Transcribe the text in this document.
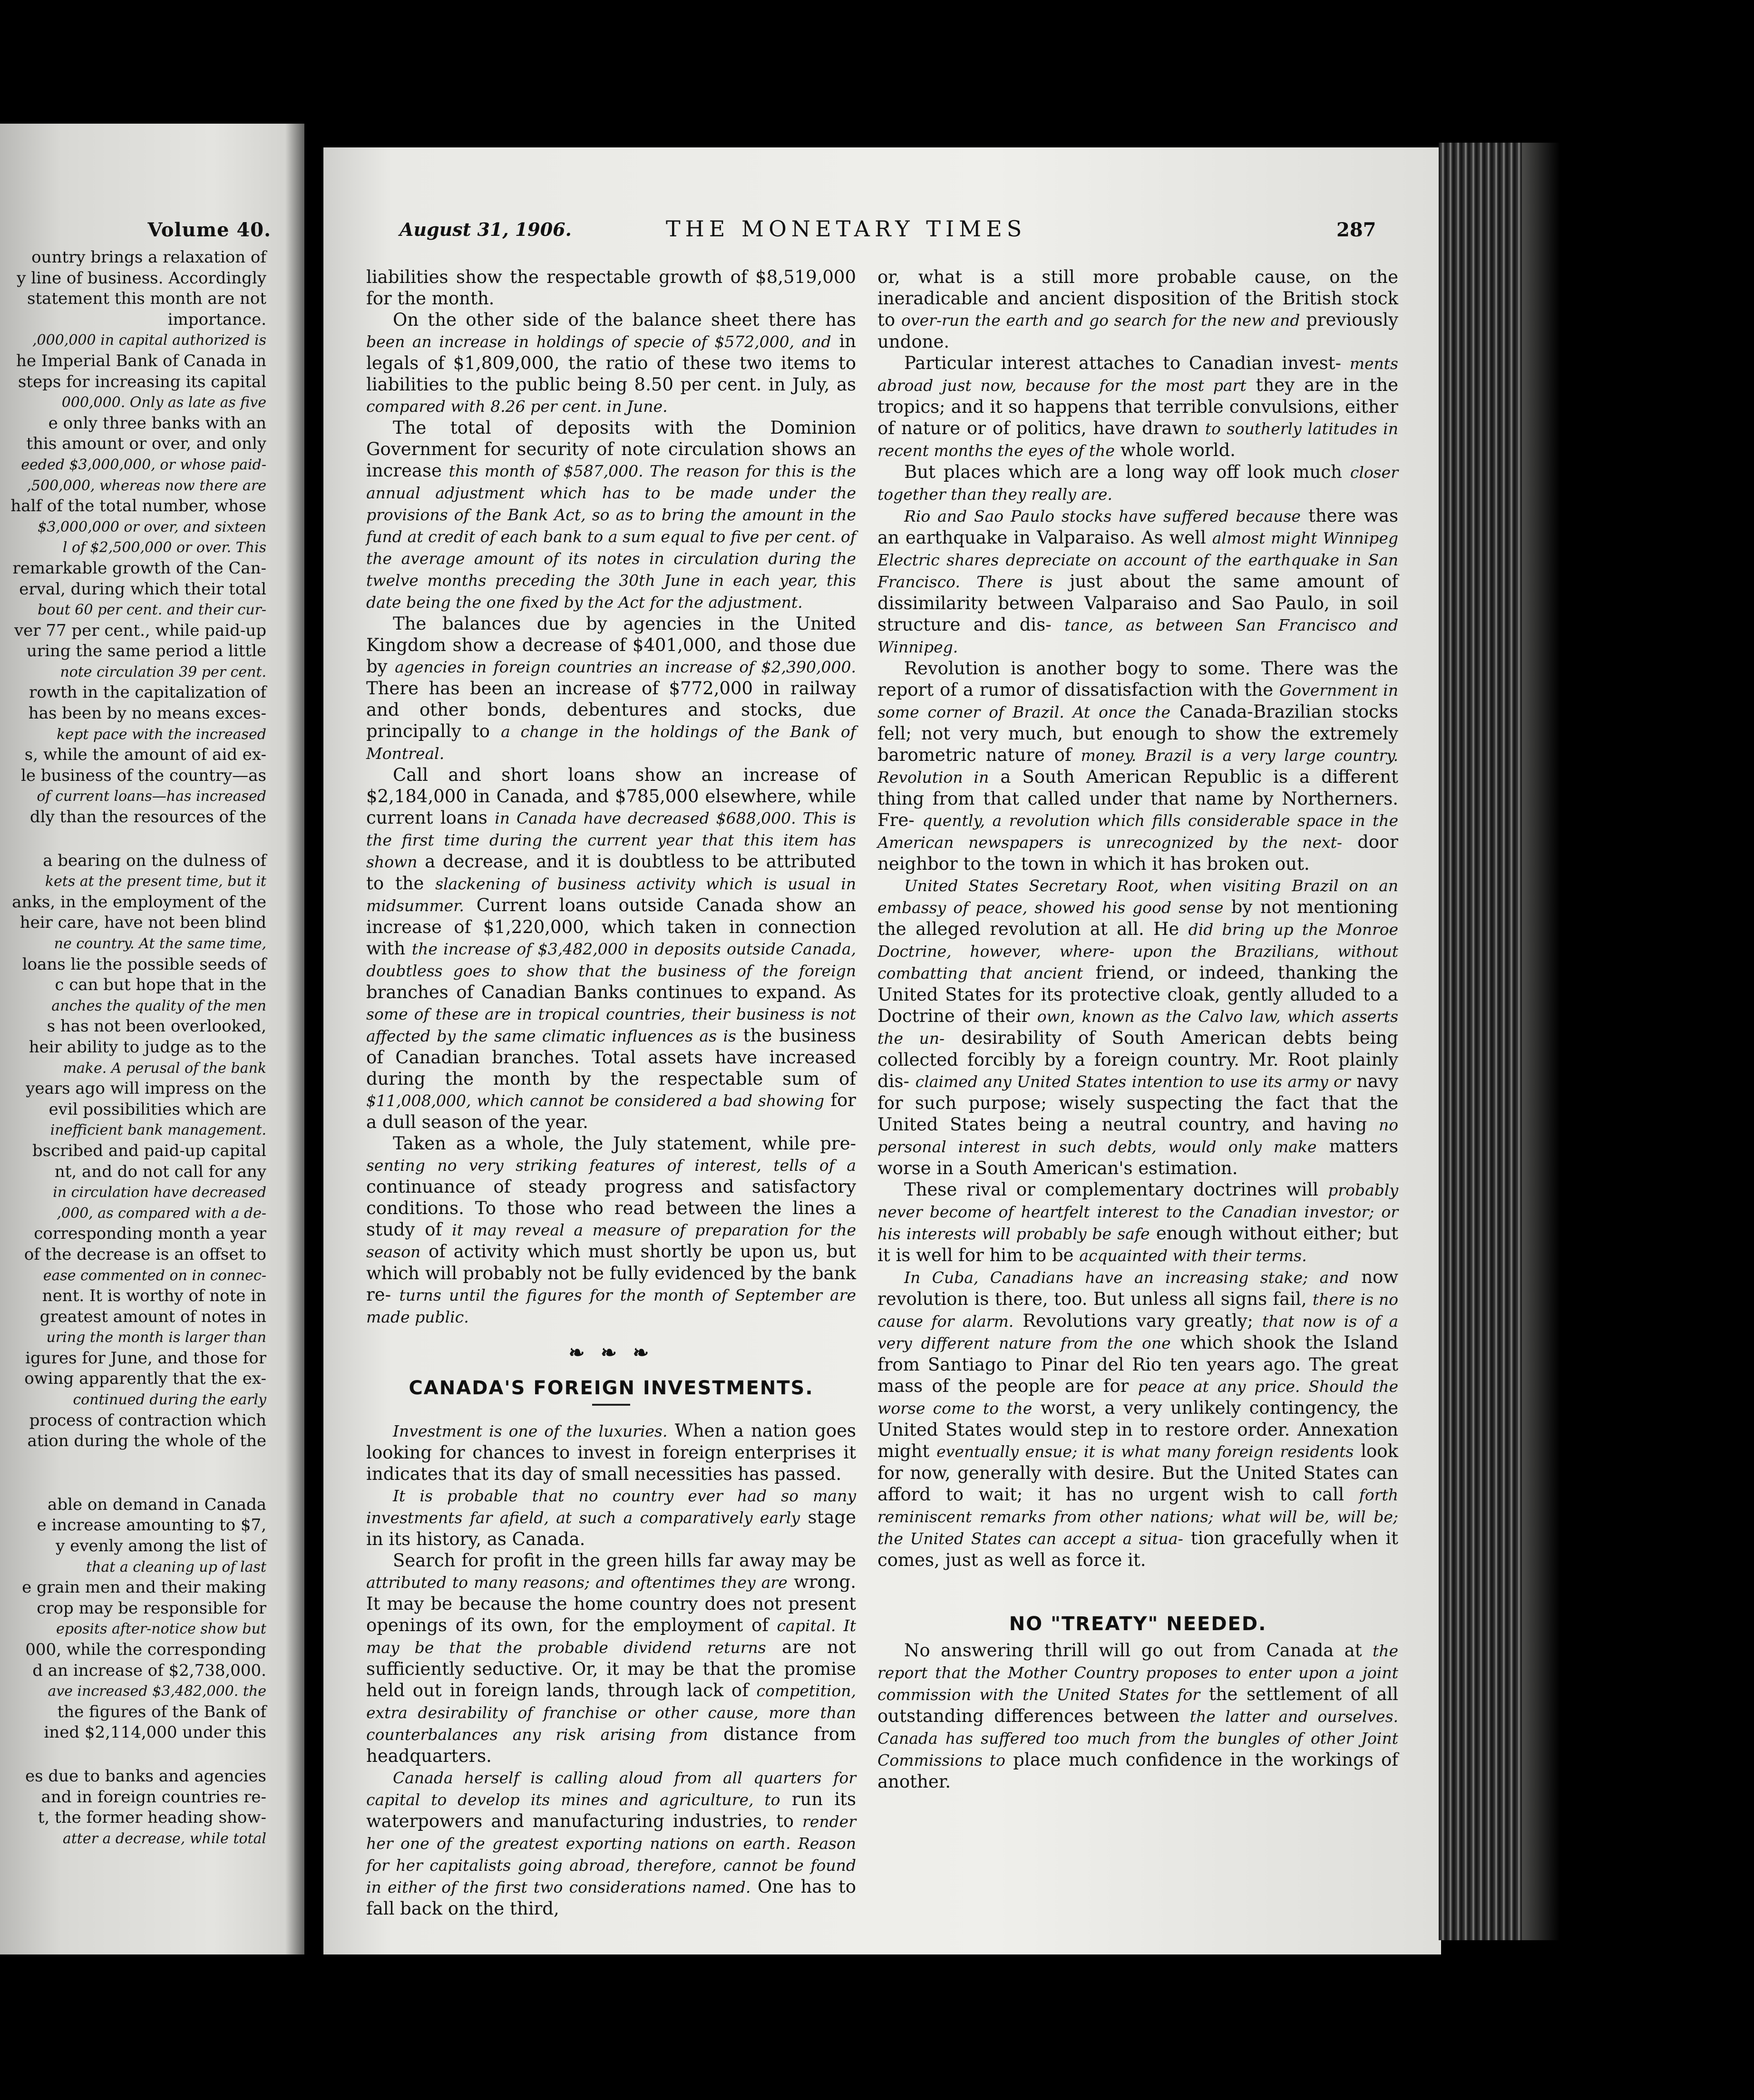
Volume 40.

ountry brings a relaxation of

y line of business. Accordingly

statement this month are not

importance.

,000,000 in capital authorized is

he Imperial Bank of Canada in

steps for increasing its capital

000,000. Only as late as five

e only three banks with an

this amount or over, and only

eeded $3,000,000, or whose paid-

,500,000, whereas now there are

half of the total number, whose

$3,000,000 or over, and sixteen

l of $2,500,000 or over. This

remarkable growth of the Can-

erval, during which their total

bout 60 per cent. and their cur-

ver 77 per cent., while paid-up

uring the same period a little

note circulation 39 per cent.

rowth in the capitalization of

has been by no means exces-

kept pace with the increased

s, while the amount of aid ex-

le business of the country—as

of current loans—has increased

dly than the resources of the

a bearing on the dulness of

kets at the present time, but it

anks, in the employment of the

heir care, have not been blind

ne country. At the same time,

loans lie the possible seeds of

c can but hope that in the

anches the quality of the men

s has not been overlooked,

heir ability to judge as to the

make. A perusal of the bank

years ago will impress on the

evil possibilities which are

inefficient bank management.

bscribed and paid-up capital

nt, and do not call for any

in circulation have decreased

,000, as compared with a de-

corresponding month a year

of the decrease is an offset to

ease commented on in connec-

nent. It is worthy of note in

greatest amount of notes in

uring the month is larger than

igures for June, and those for

owing apparently that the ex-

continued during the early

process of contraction which

ation during the whole of the

able on demand in Canada

e increase amounting to $7,

y evenly among the list of

that a cleaning up of last

e grain men and their making

crop may be responsible for

eposits after-notice show but

000, while the corresponding

d an increase of $2,738,000.

ave increased $3,482,000. the

the figures of the Bank of

ined $2,114,000 under this

es due to banks and agencies

and in foreign countries re-

t, the former heading show-

atter a decrease, while total

August 31, 1906.	THE MONETARY TIMES	287

liabilities show the respectable growth of $8,519,000 for the month.

On the other side of the balance sheet there has been an increase in holdings of specie of $572,000, and in legals of $1,809,000, the ratio of these two items to liabilities to the public being 8.50 per cent. in July, as compared with 8.26 per cent. in June.

The total of deposits with the Dominion Government for security of note circulation shows an increase this month of $587,000. The reason for this is the annual adjustment which has to be made under the provisions of the Bank Act, so as to bring the amount in the fund at credit of each bank to a sum equal to five per cent. of the average amount of its notes in circulation during the twelve months preceding the 30th June in each year, this date being the one fixed by the Act for the adjustment.

The balances due by agencies in the United Kingdom show a decrease of $401,000, and those due by agencies in foreign countries an increase of $2,390,000. There has been an increase of $772,000 in railway and other bonds, debentures and stocks, due principally to a change in the holdings of the Bank of Montreal.

Call and short loans show an increase of $2,184,000 in Canada, and $785,000 elsewhere, while current loans in Canada have decreased $688,000. This is the first time during the current year that this item has shown a decrease, and it is doubtless to be attributed to the slackening of business activity which is usual in midsummer. Current loans outside Canada show an increase of $1,220,000, which taken in connection with the increase of $3,482,000 in deposits outside Canada, doubtless goes to show that the business of the foreign branches of Canadian Banks continues to expand. As some of these are in tropical countries, their business is not affected by the same climatic influences as is the business of Canadian branches. Total assets have increased during the month by the respectable sum of $11,008,000, which cannot be considered a bad showing for a dull season of the year.

Taken as a whole, the July statement, while pre- senting no very striking features of interest, tells of a continuance of steady progress and satisfactory conditions. To those who read between the lines a study of it may reveal a measure of preparation for the season of activity which must shortly be upon us, but which will probably not be fully evidenced by the bank re- turns until the figures for the month of September are made public.

❧ ❧ ❧

CANADA'S FOREIGN INVESTMENTS.

Investment is one of the luxuries. When a nation goes looking for chances to invest in foreign enterprises it indicates that its day of small necessities has passed.

It is probable that no country ever had so many investments far afield, at such a comparatively early stage in its history, as Canada.

Search for profit in the green hills far away may be attributed to many reasons; and oftentimes they are wrong. It may be because the home country does not present openings of its own, for the employment of capital. It may be that the probable dividend returns are not sufficiently seductive. Or, it may be that the promise held out in foreign lands, through lack of competition, extra desirability of franchise or other cause, more than counterbalances any risk arising from distance from headquarters.

Canada herself is calling aloud from all quarters for capital to develop its mines and agriculture, to run its waterpowers and manufacturing industries, to render her one of the greatest exporting nations on earth. Reason for her capitalists going abroad, therefore, cannot be found in either of the first two considerations named. One has to fall back on the third,

or, what is a still more probable cause, on the ineradicable and ancient disposition of the British stock to over-run the earth and go search for the new and previously undone.

Particular interest attaches to Canadian invest- ments abroad just now, because for the most part they are in the tropics; and it so happens that terrible convulsions, either of nature or of politics, have drawn to southerly latitudes in recent months the eyes of the whole world.

But places which are a long way off look much closer together than they really are.

Rio and Sao Paulo stocks have suffered because there was an earthquake in Valparaiso. As well almost might Winnipeg Electric shares depreciate on account of the earthquake in San Francisco. There is just about the same amount of dissimilarity between Valparaiso and Sao Paulo, in soil structure and dis- tance, as between San Francisco and Winnipeg.

Revolution is another bogy to some. There was the report of a rumor of dissatisfaction with the Government in some corner of Brazil. At once the Canada-Brazilian stocks fell; not very much, but enough to show the extremely barometric nature of money. Brazil is a very large country. Revolution in a South American Republic is a different thing from that called under that name by Northerners. Fre- quently, a revolution which fills considerable space in the American newspapers is unrecognized by the next- door neighbor to the town in which it has broken out.

United States Secretary Root, when visiting Brazil on an embassy of peace, showed his good sense by not mentioning the alleged revolution at all. He did bring up the Monroe Doctrine, however, where- upon the Brazilians, without combatting that ancient friend, or indeed, thanking the United States for its protective cloak, gently alluded to a Doctrine of their own, known as the Calvo law, which asserts the un- desirability of South American debts being collected forcibly by a foreign country. Mr. Root plainly dis- claimed any United States intention to use its army or navy for such purpose; wisely suspecting the fact that the United States being a neutral country, and having no personal interest in such debts, would only make matters worse in a South American's estimation.

These rival or complementary doctrines will probably never become of heartfelt interest to the Canadian investor; or his interests will probably be safe enough without either; but it is well for him to be acquainted with their terms.

In Cuba, Canadians have an increasing stake; and now revolution is there, too. But unless all signs fail, there is no cause for alarm. Revolutions vary greatly; that now is of a very different nature from the one which shook the Island from Santiago to Pinar del Rio ten years ago. The great mass of the people are for peace at any price. Should the worse come to the worst, a very unlikely contingency, the United States would step in to restore order. Annexation might eventually ensue; it is what many foreign residents look for now, generally with desire. But the United States can afford to wait; it has no urgent wish to call forth reminiscent remarks from other nations; what will be, will be; the United States can accept a situa- tion gracefully when it comes, just as well as force it.

NO "TREATY" NEEDED.

No answering thrill will go out from Canada at the report that the Mother Country proposes to enter upon a joint commission with the United States for the settlement of all outstanding differences between the latter and ourselves. Canada has suffered too much from the bungles of other Joint Commissions to place much confidence in the workings of another.
